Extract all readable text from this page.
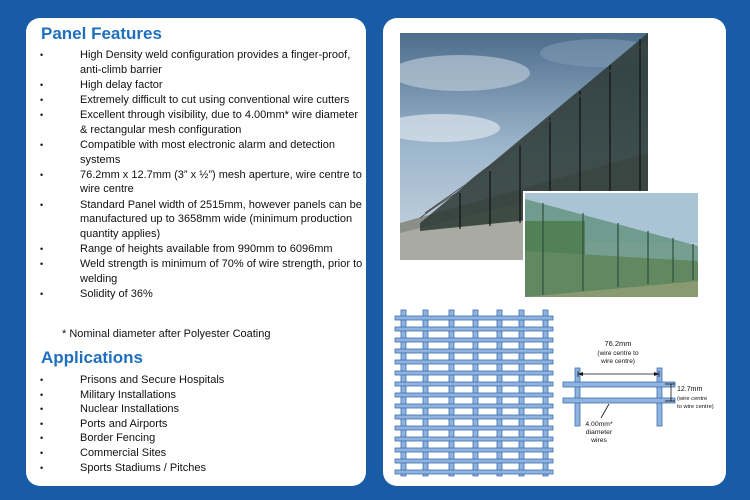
Panel Features
• High Density weld configuration provides a finger-proof, anti-climb barrier
• High delay factor
• Extremely difficult to cut using conventional wire cutters
• Excellent through visibility, due to 4.00mm* wire diameter & rectangular mesh configuration
• Compatible with most electronic alarm and detection systems
• 76.2mm x 12.7mm (3” x ½”) mesh aperture, wire centre to wire centre
• Standard Panel width of 2515mm, however panels can be manufactured up to 3658mm wide (minimum production quantity applies)
• Range of heights available from 990mm to 6096mm
• Weld strength is minimum of 70% of wire strength, prior to welding
• Solidity of 36%
* Nominal diameter after Polyester Coating
Applications
• Prisons and Secure Hospitals
• Military Installations
• Nuclear Installations
• Ports and Airports
• Border Fencing
• Commercial Sites
• Sports Stadiums / Pitches
76.2mm
(wire centre to
wire centre)
12.7mm
(wire centre
to wire centre)
4.00mm*
diameter
wires
